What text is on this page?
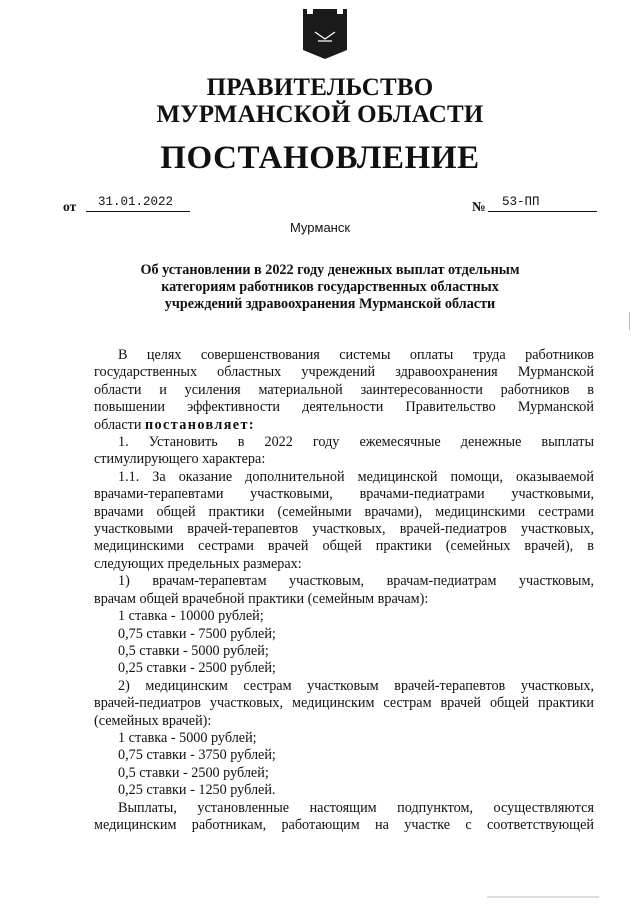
ПРАВИТЕЛЬСТВО
МУРМАНСКОЙ ОБЛАСТИ
ПОСТАНОВЛЕНИЕ
от	31.01.2022	№	53-ПП
Мурманск
Об установлении в 2022 году денежных выплат отдельным
категориям работников государственных областных
учреждений здравоохранения Мурманской области

В целях совершенствования системы оплаты труда работников

государственных областных учреждений здравоохранения Мурманской

области и усиления материальной заинтересованности работников в

повышении эффективности деятельности Правительство Мурманской

области постановляет:

1. Установить в 2022 году ежемесячные денежные выплаты

стимулирующего характера:

1.1. За оказание дополнительной медицинской помощи, оказываемой

врачами-терапевтами участковыми, врачами-педиатрами участковыми,

врачами общей практики (семейными врачами), медицинскими сестрами

участковыми врачей-терапевтов участковых, врачей-педиатров участковых,

медицинскими сестрами врачей общей практики (семейных врачей), в

следующих предельных размерах:

1) врачам-терапевтам участковым, врачам-педиатрам участковым,

врачам общей врачебной практики (семейным врачам):

1 ставка - 10000 рублей;

0,75 ставки - 7500 рублей;

0,5 ставки - 5000 рублей;

0,25 ставки - 2500 рублей;

2) медицинским сестрам участковым врачей-терапевтов участковых,

врачей-педиатров участковых, медицинским сестрам врачей общей практики

(семейных врачей):

1 ставка - 5000 рублей;

0,75 ставки - 3750 рублей;

0,5 ставки - 2500 рублей;

0,25 ставки - 1250 рублей.

Выплаты, установленные настоящим подпунктом, осуществляются

медицинским работникам, работающим на участке с соответствующей
